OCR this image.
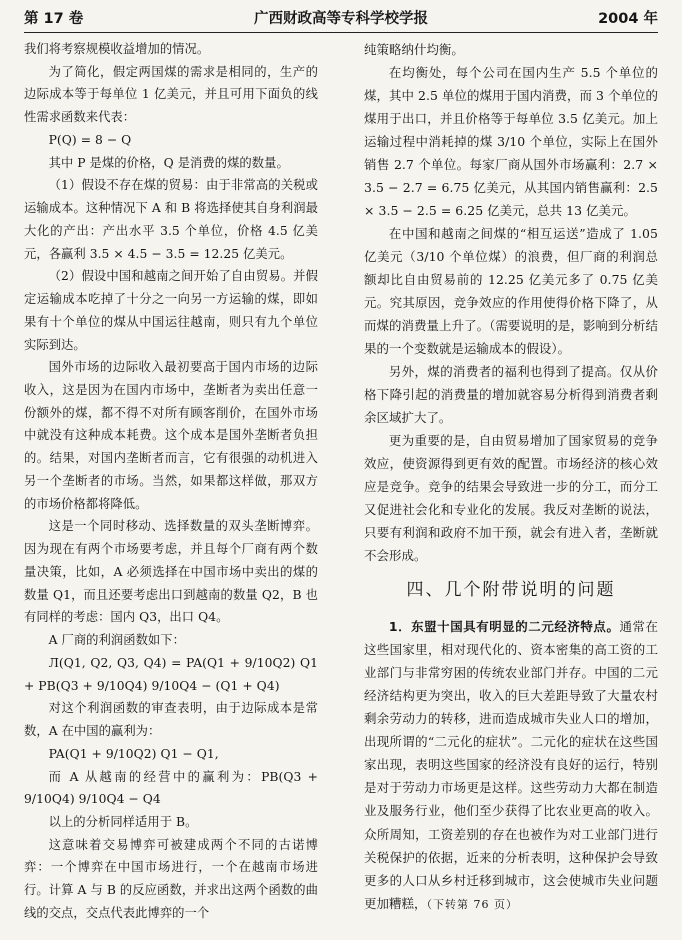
第 17 卷	广西财政高等专科学校学报	2004 年

我们将考察规模收益增加的情况。

为了简化，假定两国煤的需求是相同的，生产的边际成本等于每单位 1 亿美元，并且可用下面负的线性需求函数来代表：

P(Q) = 8 − Q

其中 P 是煤的价格，Q 是消费的煤的数量。

（1）假设不存在煤的贸易：由于非常高的关税或运输成本。这种情况下 A 和 B 将选择使其自身利润最大化的产出：产出水平 3.5 个单位，价格 4.5 亿美元，各赢利 3.5 × 4.5 − 3.5 = 12.25 亿美元。

（2）假设中国和越南之间开始了自由贸易。并假定运输成本吃掉了十分之一向另一方运输的煤，即如果有十个单位的煤从中国运往越南，则只有九个单位实际到达。

国外市场的边际收入最初要高于国内市场的边际收入，这是因为在国内市场中，垄断者为卖出任意一份额外的煤，都不得不对所有顾客削价，在国外市场中就没有这种成本耗费。这个成本是国外垄断者负担的。结果，对国内垄断者而言，它有很强的动机进入另一个垄断者的市场。当然，如果都这样做，那双方的市场价格都将降低。

这是一个同时移动、选择数量的双头垄断博弈。因为现在有两个市场要考虑，并且每个厂商有两个数量决策，比如，A 必须选择在中国市场中卖出的煤的数量 Q1，而且还要考虑出口到越南的数量 Q2，B 也有同样的考虑：国内 Q3，出口 Q4。

A 厂商的利润函数如下：

Л(Q1, Q2, Q3, Q4) = PA(Q1 + 9/10Q2) Q1 + PB(Q3 + 9/10Q4) 9/10Q4 − (Q1 + Q4)

对这个利润函数的审查表明，由于边际成本是常数，A 在中国的赢利为：

PA(Q1 + 9/10Q2) Q1 − Q1,

而 A 从越南的经营中的赢利为：PB(Q3 + 9/10Q4) 9/10Q4 − Q4

以上的分析同样适用于 B。

这意味着交易博弈可被建成两个不同的古诺博弈：一个博弈在中国市场进行，一个在越南市场进行。计算 A 与 B 的反应函数，并求出这两个函数的曲线的交点，交点代表此博弈的一个

纯策略纳什均衡。

在均衡处，每个公司在国内生产 5.5 个单位的煤，其中 2.5 单位的煤用于国内消费，而 3 个单位的煤用于出口，并且价格等于每单位 3.5 亿美元。加上运输过程中消耗掉的煤 3/10 个单位，实际上在国外销售 2.7 个单位。每家厂商从国外市场赢利：2.7 × 3.5 − 2.7 = 6.75 亿美元，从其国内销售赢利：2.5 × 3.5 − 2.5 = 6.25 亿美元，总共 13 亿美元。

在中国和越南之间煤的“相互运送”造成了 1.05 亿美元（3/10 个单位煤）的浪费，但厂商的利润总额却比自由贸易前的 12.25 亿美元多了 0.75 亿美元。究其原因，竞争效应的作用使得价格下降了，从而煤的消费量上升了。（需要说明的是，影响到分析结果的一个变数就是运输成本的假设）。

另外，煤的消费者的福利也得到了提高。仅从价格下降引起的消费量的增加就容易分析得到消费者剩余区域扩大了。

更为重要的是，自由贸易增加了国家贸易的竞争效应，使资源得到更有效的配置。市场经济的核心效应是竞争。竞争的结果会导致进一步的分工，而分工又促进社会化和专业化的发展。我反对垄断的说法，只要有利润和政府不加干预，就会有进入者，垄断就不会形成。

四、几个附带说明的问题

1．东盟十国具有明显的二元经济特点。通常在这些国家里，相对现代化的、资本密集的高工资的工业部门与非常穷困的传统农业部门并存。中国的二元经济结构更为突出，收入的巨大差距导致了大量农村剩余劳动力的转移，进而造成城市失业人口的增加，出现所谓的“二元化的症状”。二元化的症状在这些国家出现，表明这些国家的经济没有良好的运行，特别是对于劳动力市场更是这样。这些劳动力大都在制造业及服务行业，他们至少获得了比农业更高的收入。众所周知，工资差别的存在也被作为对工业部门进行关税保护的依据，近来的分析表明，这种保护会导致更多的人口从乡村迁移到城市，这会使城市失业问题更加糟糕，（下转第 76 页）
